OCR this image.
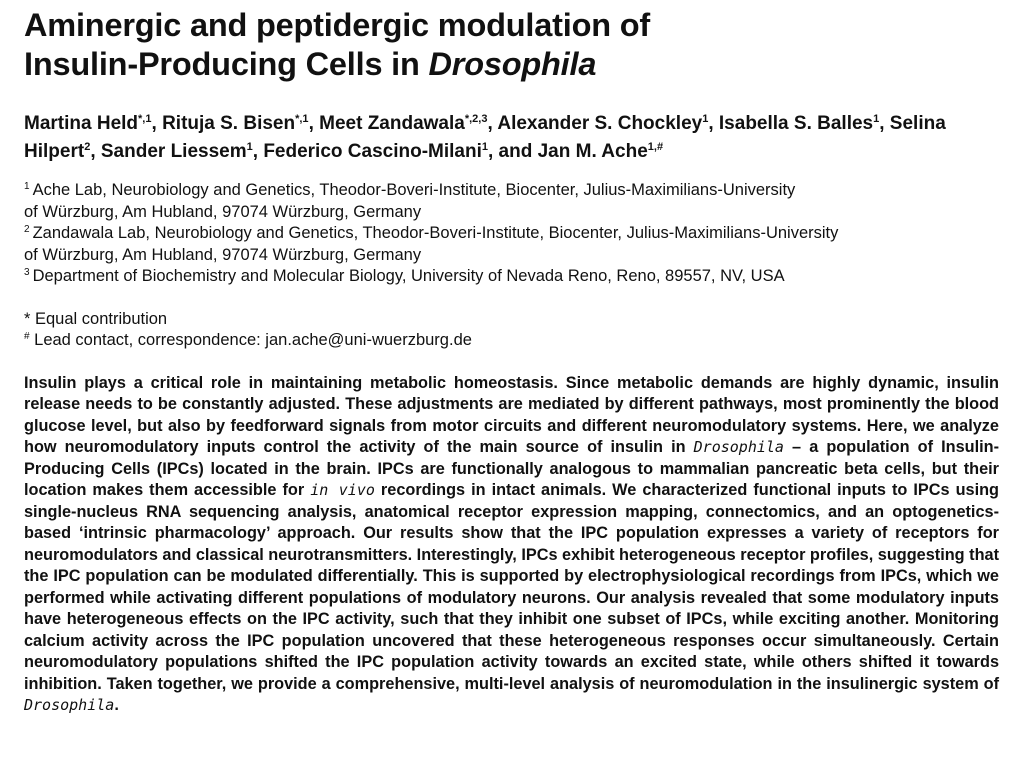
Aminergic and peptidergic modulation of
Insulin-Producing Cells in Drosophila
Martina Held$^{*,1}$, Rituja S. Bisen$^{*,1}$, Meet Zandawala$^{*,2,3}$, Alexander S. Chockley$^1$, Isabella S. Balles$^1$, Selina Hilpert$^2$, Sander Liessem$^1$, Federico Cascino-Milani$^1$, and Jan M. Ache$^{1,\#}$
$^1$ Ache Lab, Neurobiology and Genetics, Theodor-Boveri-Institute, Biocenter, Julius-Maximilians-University
of Würzburg, Am Hubland, 97074 Würzburg, Germany
$^2$ Zandawala Lab, Neurobiology and Genetics, Theodor-Boveri-Institute, Biocenter, Julius-Maximilians-University
of Würzburg, Am Hubland, 97074 Würzburg, Germany
$^3$ Department of Biochemistry and Molecular Biology, University of Nevada Reno, Reno, 89557, NV, USA
* Equal contribution
# Lead contact, correspondence: jan.ache@uni-wuerzburg.de
Insulin plays a critical role in maintaining metabolic homeostasis. Since metabolic demands are highly dynamic, insulin release needs to be constantly adjusted. These adjustments are mediated by different pathways, most prominently the blood glucose level, but also by feedforward signals from motor circuits and different neuromodulatory systems. Here, we analyze how neuromodulatory inputs control the activity of the main source of insulin in Drosophila – a population of Insulin-Producing Cells (IPCs) located in the brain. IPCs are functionally analogous to mammalian pancreatic beta cells, but their location makes them accessible for in vivo recordings in intact animals. We characterized functional inputs to IPCs using single-nucleus RNA sequencing analysis, anatomical receptor expression mapping, connectomics, and an optogenetics-based ‘intrinsic pharmacology’ approach. Our results show that the IPC population expresses a variety of receptors for neuromodulators and classical neurotransmitters. Interestingly, IPCs exhibit heterogeneous receptor profiles, suggesting that the IPC population can be modulated differentially. This is supported by electrophysiological recordings from IPCs, which we performed while activating different populations of modulatory neurons. Our analysis revealed that some modulatory inputs have heterogeneous effects on the IPC activity, such that they inhibit one subset of IPCs, while exciting another. Monitoring calcium activity across the IPC population uncovered that these heterogeneous responses occur simultaneously. Certain neuromodulatory populations shifted the IPC population activity towards an excited state, while others shifted it towards inhibition. Taken together, we provide a comprehensive, multi-level analysis of neuromodulation in the insulinergic system of Drosophila.
